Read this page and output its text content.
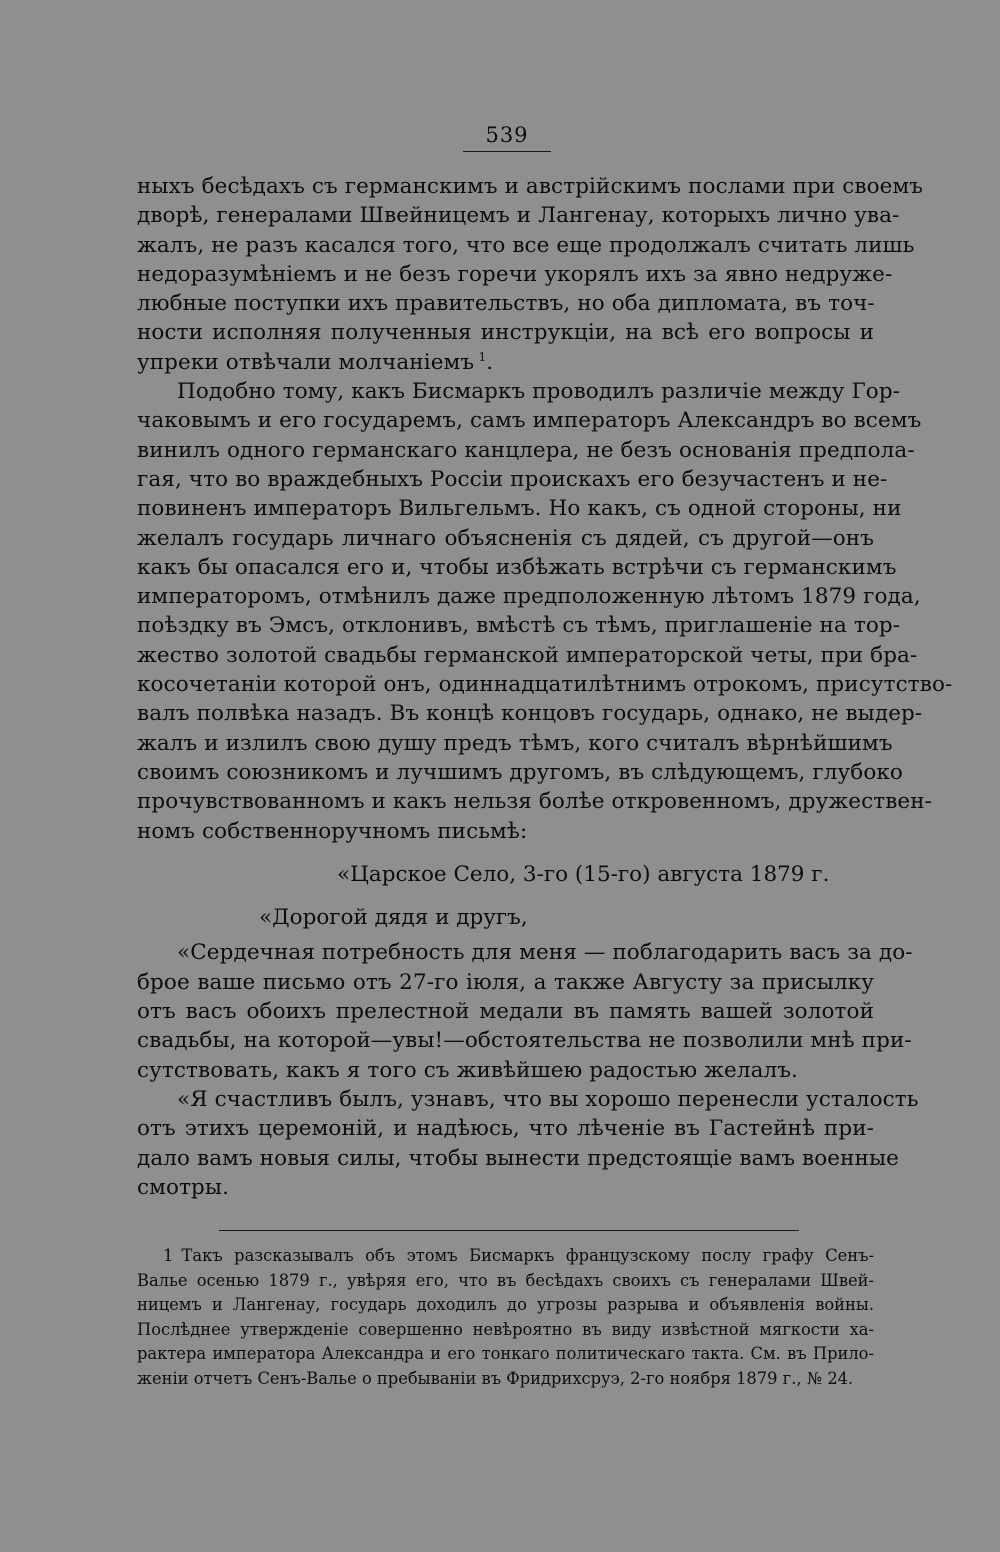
539
ныхъ бесѣдахъ съ германскимъ и австрійскимъ послами при своемъ
дворѣ, генералами Швейницемъ и Лангенау, которыхъ лично ува-
жалъ, не разъ касался того, что все еще продолжалъ считать лишь
недоразумѣніемъ и не безъ горечи укорялъ ихъ за явно недруже-
любные поступки ихъ правительствъ, но оба дипломата, въ точ-
ности исполняя полученныя инструкціи, на всѣ его вопросы и
упреки отвѣчали молчаніемъ  $^1$.
Подобно тому, какъ Бисмаркъ проводилъ различіе между Гор-
чаковымъ и его государемъ, самъ императоръ Александръ во всемъ
винилъ одного германскаго канцлера, не безъ основанія предпола-
гая, что во враждебныхъ Россіи проискахъ его безучастенъ и не-
повиненъ императоръ Вильгельмъ. Но какъ, съ одной стороны, ни
желалъ государь личнаго объясненія съ дядей, съ другой—онъ
какъ бы опасался его и, чтобы избѣжать встрѣчи съ германскимъ
императоромъ, отмѣнилъ даже предположенную лѣтомъ 1879 года,
поѣздку въ Эмсъ, отклонивъ, вмѣстѣ съ тѣмъ, приглашеніе на тор-
жество золотой свадьбы германской императорской четы, при бра-
косочетаніи которой онъ, одиннадцатилѣтнимъ отрокомъ, присутство-
валъ полвѣка назадъ. Въ концѣ концовъ государь, однако, не выдер-
жалъ и излилъ свою душу предъ тѣмъ, кого считалъ вѣрнѣйшимъ
своимъ союзникомъ и лучшимъ другомъ, въ слѣдующемъ, глубоко
прочувствованномъ и какъ нельзя болѣе откровенномъ, дружествен-
номъ собственноручномъ письмѣ:
«Царское Село, 3-го (15-го) августа 1879 г.
«Дорогой дядя и другъ,
«Сердечная потребность для меня — поблагодарить васъ за до-
брое ваше письмо отъ 27-го іюля, а также Августу за присылку
отъ васъ обоихъ прелестной медали въ память вашей золотой
свадьбы, на которой—увы!—обстоятельства не позволили мнѣ при-
сутствовать, какъ я того съ живѣйшею радостью желалъ.
«Я счастливъ былъ, узнавъ, что вы хорошо перенесли усталость
отъ этихъ церемоній, и надѣюсь, что лѣченіе въ Гастейнѣ при-
дало вамъ новыя силы, чтобы вынести предстоящіе вамъ военные
смотры.
1  Такъ разсказывалъ объ этомъ Бисмаркъ французскому послу графу Сенъ-
Валье осенью 1879 г., увѣряя его, что въ бесѣдахъ своихъ съ генералами Швей-
ницемъ и Лангенау, государь доходилъ до угрозы разрыва и объявленія войны.
Послѣднее утвержденіе совершенно невѣроятно въ виду извѣстной мягкости ха-
рактера императора Александра и его тонкаго политическаго такта. См. въ Прило-
женіи отчетъ Сенъ-Валье о пребываніи въ Фридрихсруэ, 2-го ноября 1879 г., № 24.
